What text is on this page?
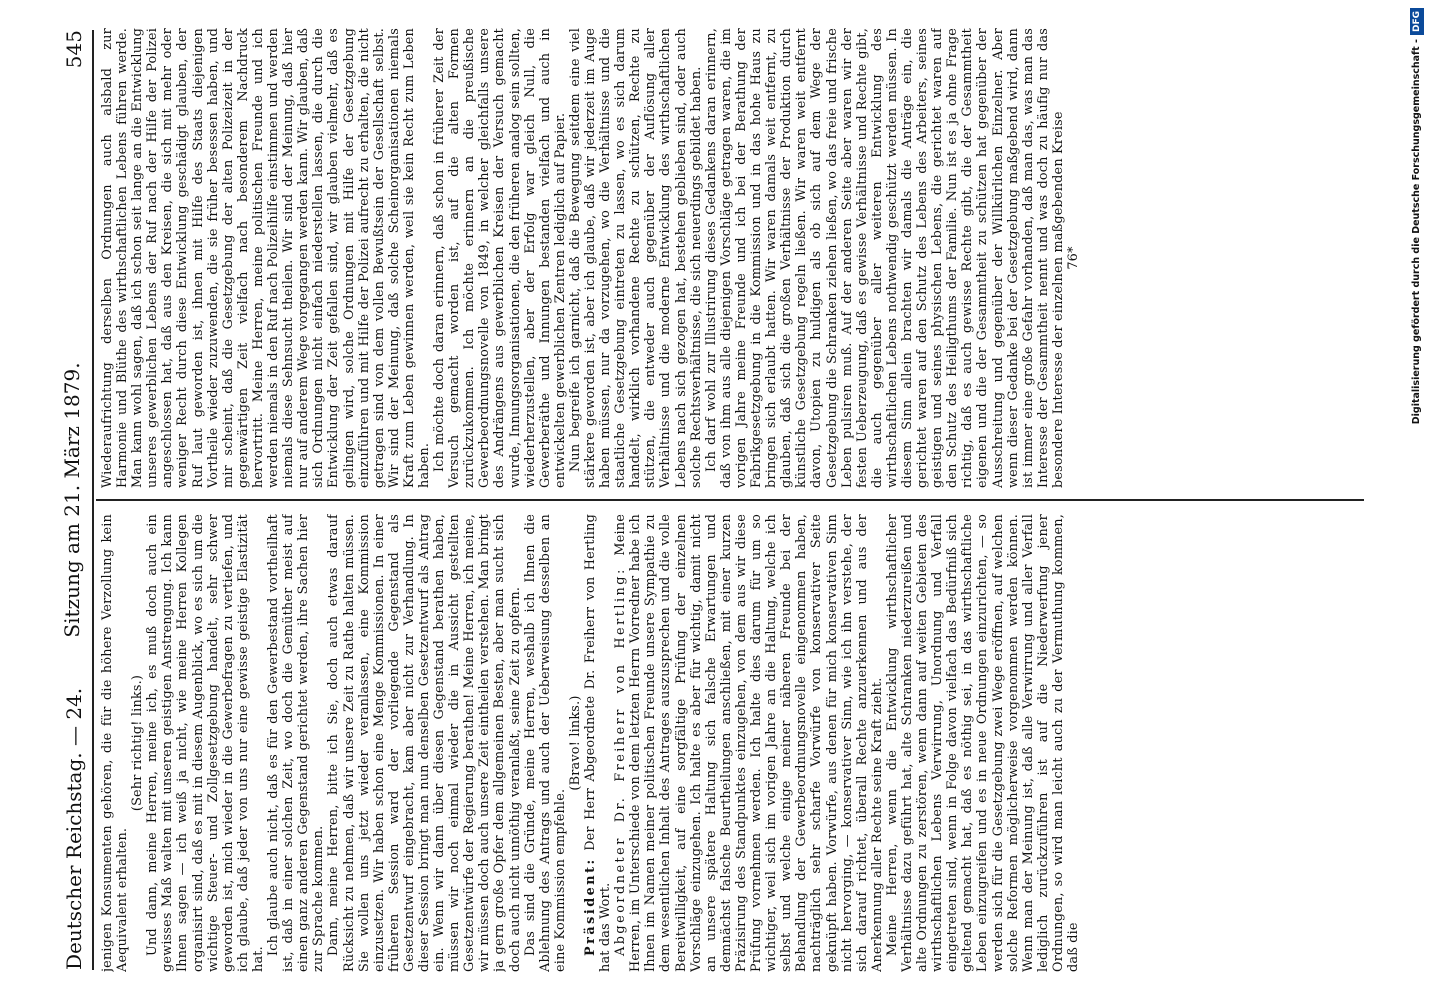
Deutscher Reichstag. — 24.
Sitzung am 21. März 1879.
545

jenigen Konsumenten gehören, die für die höhere Verzollung kein Aequivalent erhalten.

(Sehr richtig! links.) Und dann, meine Herren, meine ich, es muß doch auch ein gewisses Maß walten mit unseren geistigen Anstrengung. Ich kann Ihnen sagen — ich weiß ja nicht, wie meine Herren Kollegen organisirt sind, daß es mit in diesem Augenblick, wo es sich um die wichtige Steuer- und Zollgesetzgebung handelt, sehr schwer geworden ist, mich wieder in die Gewerbefragen zu vertiefen, und ich glaube, daß jeder von uns nur eine gewisse geistige Elastizität hat.

Ich glaube auch nicht, daß es für den Gewerbestand vortheilhaft ist, daß in einer solchen Zeit, wo doch die Gemüther meist auf einen ganz anderen Gegenstand gerichtet werden, ihre Sachen hier zur Sprache kommen. Dann, meine Herren, bitte ich Sie, doch auch etwas darauf Rücksicht zu nehmen, daß wir unsere Zeit zu Rathe halten müssen. Sie wollen uns jetzt wieder veranlassen, eine Kommission einzusetzen. Wir haben schon eine Menge Kommissionen. In einer früheren Session ward der vorliegende Gegenstand als Gesetzentwurf eingebracht, kam aber nicht zur Verhandlung. In dieser Session bringt man nun denselben Gesetzentwurf als Antrag ein. Wenn wir dann über diesen Gegenstand berathen haben, müssen wir noch einmal wieder die in Aussicht gestellten Gesetzentwürfe der Regierung berathen! Meine Herren, ich meine, wir müssen doch auch unsere Zeit eintheilen verstehen. Man bringt ja gern große Opfer dem allgemeinen Besten, aber man sucht sich doch auch nicht unnöthig veranlaßt, seine Zeit zu opfern. Das sind die Gründe, meine Herren, weshalb ich Ihnen die Ablehnung des Antrags und auch der Ueberweisung desselben an eine Kommission empfehle.

(Bravo! links.)

Präsident: Der Herr Abgeordnete Dr. Freiherr von Hertling hat das Wort. Abgeordneter Dr. Freiherr von Hertling: Meine Herren, im Unterschiede von dem letzten Herrn Vorredner habe ich Ihnen im Namen meiner politischen Freunde unsere Sympathie zu dem wesentlichen Inhalt des Antrages auszusprechen und die volle Bereitwilligkeit, auf eine sorgfältige Prüfung der einzelnen Vorschläge einzugehen. Ich halte es aber für wichtig, damit nicht an unsere spätere Haltung sich falsche Erwartungen und demnächst falsche Beurtheilungen anschließen, mit einer kurzen Präzisirung des Standpunktes einzugehen, von dem aus wir diese Prüfung vornehmen werden. Ich halte dies darum für um so wichtiger, weil sich im vorigen Jahre an die Haltung, welche ich selbst und welche einige meiner näheren Freunde bei der Behandlung der Gewerbeordnungsnovelle eingenommen haben, nachträglich sehr scharfe Vorwürfe von konservativer Seite geknüpft haben. Vorwürfe, aus denen für mich konservativen Sinn nicht hervorging, — konservativer Sinn, wie ich ihn verstehe, der sich darauf richtet, überall Rechte anzuerkennen und aus der Anerkennung aller Rechte seine Kraft zieht. Meine Herren, wenn die Entwicklung wirthschaftlicher Verhältnisse dazu geführt hat, alte Schranken niederzureißen und alte Ordnungen zu zerstören, wenn dann auf weiten Gebieten des wirthschaftlichen Lebens Verwirrung, Unordnung und Verfall eingetreten sind, wenn in Folge davon vielfach das Bedürfniß sich geltend gemacht hat, daß es nöthig sei, in das wirthschaftliche Leben einzugreifen und es in neue Ordnungen einzurichten, — so werden sich für die Gesetzgebung zwei Wege eröffnen, auf welchen solche Reformen möglicherweise vorgenommen werden können. Wenn man der Meinung ist, daß alle Verwirrung und aller Verfall lediglich zurückzuführen ist auf die Niederwerfung jener Ordnungen, so wird man leicht auch zu der Vermuthung kommen, daß die

Wiederaufrichtung derselben Ordnungen auch alsbald zur Harmonie und Blüthe des wirthschaftlichen Lebens führen werde. Man kann wohl sagen, daß ich schon seit lange an die Entwicklung unseres gewerblichen Lebens der Ruf nach der Hilfe der Polizei angeschlossen hat, daß aus den Kreisen, die sich mit mehr oder weniger Recht durch diese Entwicklung geschädigt glauben, der Ruf laut geworden ist, ihnen mit Hilfe des Staats diejenigen Vortheile wieder zuzuwenden, die sie früher besessen haben, und mir scheint, daß die Gesetzgebung der alten Polizeizeit in der gegenwärtigen Zeit vielfach nach besonderem Nachdruck hervortritt. Meine Herren, meine politischen Freunde und ich werden niemals in den Ruf nach Polizeihilfe einstimmen und werden niemals diese Sehnsucht theilen. Wir sind der Meinung, daß hier nur auf anderem Wege vorgegangen werden kann. Wir glauben, daß sich Ordnungen nicht einfach niederstellen lassen, die durch die Entwicklung der Zeit gefallen sind, wir glauben vielmehr, daß es gelingen wird, solche Ordnungen mit Hilfe der Gesetzgebung einzuführen und mit Hilfe der Polizei aufrecht zu erhalten, die nicht getragen sind von dem vollen Bewußtsein der Gesellschaft selbst. Wir sind der Meinung, daß solche Scheinorganisationen niemals Kraft zum Leben gewinnen werden, weil sie kein Recht zum Leben haben. Ich möchte doch daran erinnern, daß schon in früherer Zeit der Versuch gemacht worden ist, auf die alten Formen zurückzukommen. Ich möchte erinnern an die preußische Gewerbeordnungsnovelle von 1849, in welcher gleichfalls unsere des Andrängens aus gewerblichen Kreisen der Versuch gemacht wurde, Innungsorganisationen, die den früheren analog sein sollten, wiederherzustellen, aber der Erfolg war gleich Null, die Gewerberäthe und Innungen bestanden vielfach und auch in entwickelten gewerblichen Zentren lediglich auf Papier. Nun begreife ich garnicht, daß die Bewegung seitdem eine viel stärkere geworden ist, aber ich glaube, daß wir jederzeit im Auge haben müssen, nur da vorzugehen, wo die Verhältnisse und die staatliche Gesetzgebung eintreten zu lassen, wo es sich darum handelt, wirklich vorhandene Rechte zu schützen, Rechte zu stützen, die entweder auch gegenüber der Auflösung aller Verhältnisse und die moderne Entwicklung des wirthschaftlichen Lebens nach sich gezogen hat, bestehen geblieben sind, oder auch solche Rechtsverhältnisse, die sich neuerdings gebildet haben. Ich darf wohl zur Illustrirung dieses Gedankens daran erinnern, daß von ihm aus alle diejenigen Vorschläge getragen waren, die im vorigen Jahre meine Freunde und ich bei der Berathung der Fabrikgesetzgebung in die Kommission und in das hohe Haus zu bringen sich erlaubt hatten. Wir waren damals weit entfernt, zu glauben, daß sich die großen Verhältnisse der Produktion durch künstliche Gesetzgebung regeln ließen. Wir waren weit entfernt davon, Utopien zu huldigen als ob sich auf dem Wege der Gesetzgebung die Schranken ziehen ließen, wo das freie und frische Leben pulsiren muß. Auf der anderen Seite aber waren wir der festen Ueberzeugung, daß es gewisse Verhältnisse und Rechte gibt, die auch gegenüber aller weiteren Entwicklung des wirthschaftlichen Lebens nothwendig geschützt werden müssen. In diesem Sinn allein brachten wir damals die Anträge ein, die gerichtet waren auf den Schutz des Lebens des Arbeiters, seines geistigen und seines physischen Lebens, die gerichtet waren auf den Schutz des Heiligthums der Familie. Nun ist es ja ohne Frage richtig, daß es auch gewisse Rechte gibt, die der Gesammtheit eigenen und die der Gesammtheit zu schützen hat gegenüber der Ausschreitung und gegenüber der Willkürlichen Einzelner. Aber wenn dieser Gedanke bei der Gesetzgebung maßgebend wird, dann ist immer eine große Gefahr vorhanden, daß man das, was man das Interesse der Gesammtheit nennt und was doch zu häufig nur das besondere Interesse der einzelnen maßgebenden Kreise 76*	Digitalisierung gefördert durch die Deutsche Forschungsgemeinschaft -DFG
